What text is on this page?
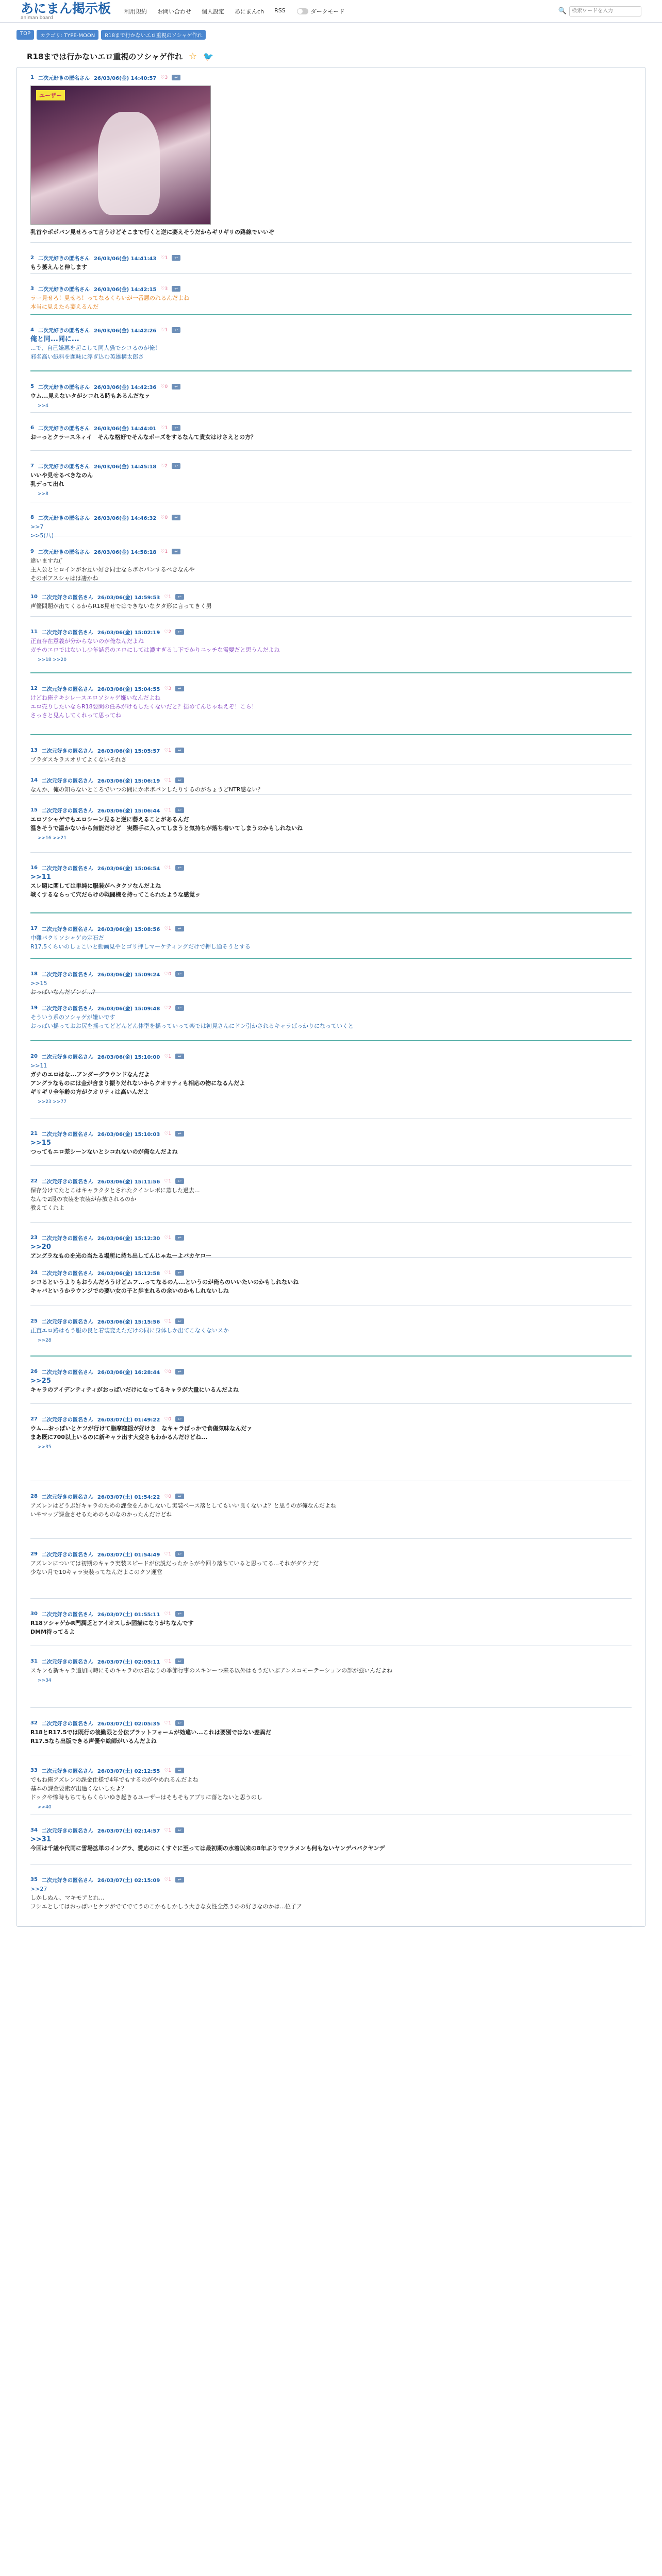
あにまん掲示板
animan board
利用規約	お問い合わせ	個人設定	あにまんch	RSS	ダークモード	🔍
検索ワードを入力
TOP	カテゴリ: TYPE-MOON	R18まで行かないエロ重視のソシャゲ作れ
R18までは行かないエロ重視のソシャゲ作れ ☆ 🐦
1 二次元好きの匿名さん 26/03/06(金) 14:40:57 ♡3	↩
ユーザー
乳首やポポパン見せろって言うけどそこまで行くと逆に萎えそうだからギリギリの路線でいいぞ
2 二次元好きの匿名さん 26/03/06(金) 14:41:43 ♡1	↩
もう萎えんと伸します
3 二次元好きの匿名さん 26/03/06(金) 14:42:15 ♡3	↩
ラー見せろ！見せろ！ってなるくらいが一番悪のれるんだよね
本当に見えたら萎えるんだ
4 二次元好きの匿名さん 26/03/06(金) 14:42:26 ♡1	↩
俺と同...同に...
...で、自己嫌悪を起こして同人猫でシコるのが俺！
邪名高い紙料を題味に浮ぎ込む英雄構太郎さ
5 二次元好きの匿名さん 26/03/06(金) 14:42:36 ♡0	↩
ウム...見えないタがシコれる時もあるんだなァ
>>4
6 二次元好きの匿名さん 26/03/06(金) 14:44:01 ♡1	↩
おーっとクラースネィイ　そんな格好でそんなポーズをするなんて貴女はけさえとの方？
7 二次元好きの匿名さん 26/03/06(金) 14:45:18 ♡2	↩
いいや見せるべきなのん
乳デって出れ
>>8
8 二次元好きの匿名さん 26/03/06(金) 14:46:32 ♡0	↩
>>7
>>5(八)
9 二次元好きの匿名さん 26/03/06(金) 14:58:18 ♡1	↩
違いますね(ﾞ
主人公とヒロインがお互い好き同士ならポポパンするべきなんや
そのポアスシャはは凄かね
10 二次元好きの匿名さん 26/03/06(金) 14:59:53 ♡1	↩
声優問題が出てくるからR18見せではできないなタタ形に言ってきく男
11 二次元好きの匿名さん 26/03/06(金) 15:02:19 ♡2	↩
正直存在意義が分からないのが俺なんだよね
ガチのエロではないし少年誌系のエロにしては濃すぎるし下でかりニッチな需要だと思うんだよね
>>18 >>20
12 二次元好きの匿名さん 26/03/06(金) 15:04:55 ♡3	↩
けどね俺テキシレースエロソシャゲ嫌いなんだよね
エロ売りしたいならR18要問の任みがけもしたくないだと？揺めてんじゃねえぞ！こら！
さっさと見んしてくれって思ってね
13 二次元好きの匿名さん 26/03/06(金) 15:05:57 ♡1	↩
ブラダスキラスオリてよくないそれさ
14 二次元好きの匿名さん 26/03/06(金) 15:06:19 ♡1	↩
なんか、俺の知らないところでいつの間にかポポパンしたりするのがちょうどNTR感ない？
15 二次元好きの匿名さん 26/03/06(金) 15:06:44 ♡1	↩
エロソシャゲでもエロシーン見ると逆に萎えることがあるんだ
温きそうで温かないから無能だけど　実際手に入ってしまうと気持ちが落ち着いてしまうのかもしれないね
>>16 >>21
16 二次元好きの匿名さん 26/03/06(金) 15:06:54 ♡1	↩
>>11
スレ題に関しては単純に服装がヘタクソなんだよね
戦くするならって穴だらけの戦闘機を持ってこられたような感覚ッ
17 二次元好きの匿名さん 26/03/06(金) 15:08:56 ♡1	↩
中難パクリソシャゲの定石だ
R17.5くらいのしょこいと動画見やとゴリ押しマーケティングだけで押し通そうとする
18 二次元好きの匿名さん 26/03/06(金) 15:09:24 ♡0	↩
>>15
おっぱいなんだゾンジ...？
19 二次元好きの匿名さん 26/03/06(金) 15:09:48 ♡2	↩
そういう系のソシャゲが嫌いです
おっぱい揺っておお尻を揺ってどどんどん体型を揺っていって楽では初見さんにドン引かされるキャラばっかりになっていくと
20 二次元好きの匿名さん 26/03/06(金) 15:10:00 ♡1	↩
>>11
ガチのエロはな...アンダーグラウンドなんだよ
アングラなものには金が含まり振りだれないからクオリティも相応の物になるんだよ
ギリギリ全年齢の方がクオリティは高いんだよ
>>23 >>77
21 二次元好きの匿名さん 26/03/06(金) 15:10:03 ♡1	↩
>>15
つってもエロ差シーンないとシコれないのが俺なんだよね
22 二次元好きの匿名さん 26/03/06(金) 15:11:56 ♡1	↩
保存分けてたとこはキャラクタとされたクインレポに蒸した過去...
なんで2段の衣装を衣装が存放されるのか
教えてくれよ
23 二次元好きの匿名さん 26/03/06(金) 15:12:30 ♡1	↩
>>20
アングラなものを光の当たる場所に持ち出してんじゃねーよバカヤロー
24 二次元好きの匿名さん 26/03/06(金) 15:12:58 ♡1	↩
シコるというよりもおうんだろうけどムフ...ってなるのん...というのが俺らのいいたいのかもしれないね
キャバというかラウンジでの要い女の子と歩まれるの余いのかもしれないしね
25 二次元好きの匿名さん 26/03/06(金) 15:15:56 ♡1	↩
正直エロ路はもう服の良と着装変えただけの同に身体しか出てこなくないスか
>>28
26 二次元好きの匿名さん 26/03/06(金) 16:28:44 ♡0	↩
>>25
キャラのアイデンティティがおっぱいだけになってるキャラが大量にいるんだよね
27 二次元好きの匿名さん 26/03/07(土) 01:49:22 ♡0	↩
ウム...おっぱいとケツが行けて脂摩窪揺が好けき　なキャラばっかで食傷気味なんだァ
まあ既に700以上いるのに新キャラ出す大変さもわかるんだけどね...
>>35
28 二次元好きの匿名さん 26/03/07(土) 01:54:22 ♡0	↩
アズレンはどうぶ好キャラのための課金をんかしないし実装ペース落としてもいい良くないよ？と思うのが俺なんだよね
いやマップ課金させるためのものなのかったんだけどね
29 二次元好きの匿名さん 26/03/07(土) 01:54:49 ♡1	↩
アズレンについては初期のキャラ実装スピードが伝説だったからが今回り落ちていると思ってる...それがダウナだ
少ない月で10キャラ実装ってなんだよこのクソ運営
30 二次元好きの匿名さん 26/03/07(土) 01:55:11 ♡1	↩
R18ソシャゲかR門潤乏とアイオスしか固描になりがちなんです
DMM待ってるよ
31 二次元好きの匿名さん 26/03/07(土) 02:05:11 ♡1	↩
スキンも新キャラ追加同時にそのキャラの水着なりの季節行事のスキンーつ来る以外はもうだいぶアンスコモーテーションの部が強いんだよね
>>34
32 二次元好きの匿名さん 26/03/07(土) 02:05:35 ♡1	↩
R18とR17.5では既行の後勤限と分伝ブラットフォームが効違い...これは要別ではない差異だ
R17.5なら出版できる声優や絵師がいるんだよね
33 二次元好きの匿名さん 26/03/07(土) 02:12:55 ♡1	↩
でもね俺アズレンの課金仕様で4年でもするのがやめれるんだよね
基本の課金要素が出過くないしたよ？
ドックや惨時もちてもらくらいゆき起きるユーザーはそもそもアプリに落とないと思うのし
>>40
34 二次元好きの匿名さん 26/03/07(土) 02:14:57 ♡1	↩
>>31
今回は千歳や代同に雪場拡単のイングラ、愛応のにくすぐに至っては最初期の水着以来の8年ぶりでツラメンも何もないヤンデパバクヤンデ
35 二次元好きの匿名さん 26/03/07(土) 02:15:09 ♡1	↩
>>27
しかしぬん、マキモアとれ...
フシエとしてはおっぱいとケツがでてでてうのこかもしかしう大きな女性全然うのの好きなのかは...位子ア
